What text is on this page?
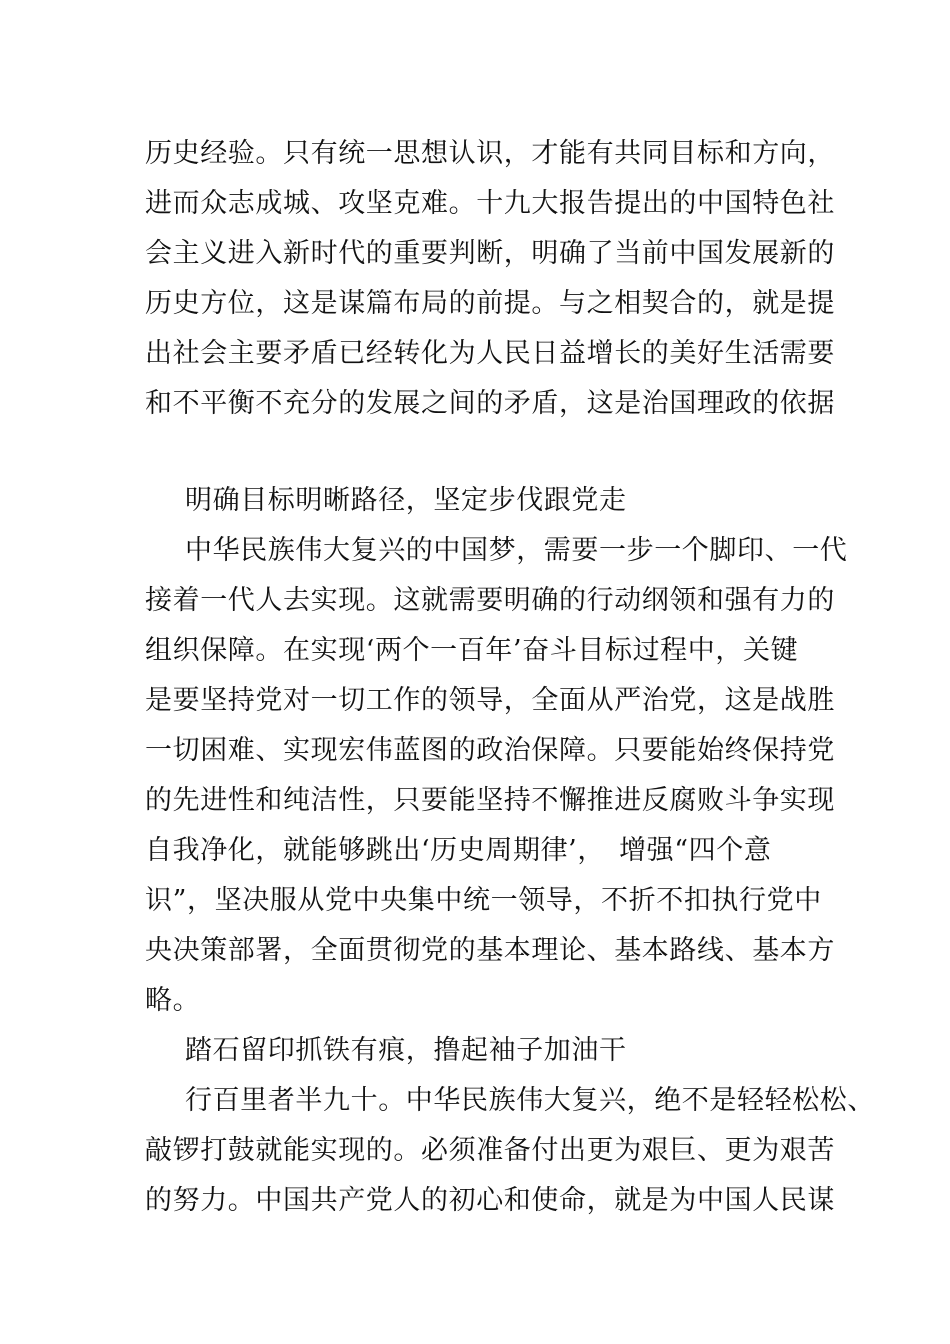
历史经验。只有统一思想认识，才能有共同目标和方向，
进而众志成城、攻坚克难。十九大报告提出的中国特色社
会主义进入新时代的重要判断，明确了当前中国发展新的
历史方位，这是谋篇布局的前提。与之相契合的，就是提
出社会主要矛盾已经转化为人民日益增长的美好生活需要
和不平衡不充分的发展之间的矛盾，这是治国理政的依据
明确目标明晰路径，坚定步伐跟党走
中华民族伟大复兴的中国梦，需要一步一个脚印、一代
接着一代人去实现。这就需要明确的行动纲领和强有力的
组织保障。在实现‘两个一百年’奋斗目标过程中，关键
是要坚持党对一切工作的领导，全面从严治党，这是战胜
一切困难、实现宏伟蓝图的政治保障。只要能始终保持党
的先进性和纯洁性，只要能坚持不懈推进反腐败斗争实现
自我净化，就能够跳出‘历史周期律’，　增强“四个意
识”，坚决服从党中央集中统一领导，不折不扣执行党中
央决策部署，全面贯彻党的基本理论、基本路线、基本方
略。
踏石留印抓铁有痕，撸起袖子加油干
行百里者半九十。中华民族伟大复兴，绝不是轻轻松松、
敲锣打鼓就能实现的。必须准备付出更为艰巨、更为艰苦
的努力。中国共产党人的初心和使命，就是为中国人民谋
